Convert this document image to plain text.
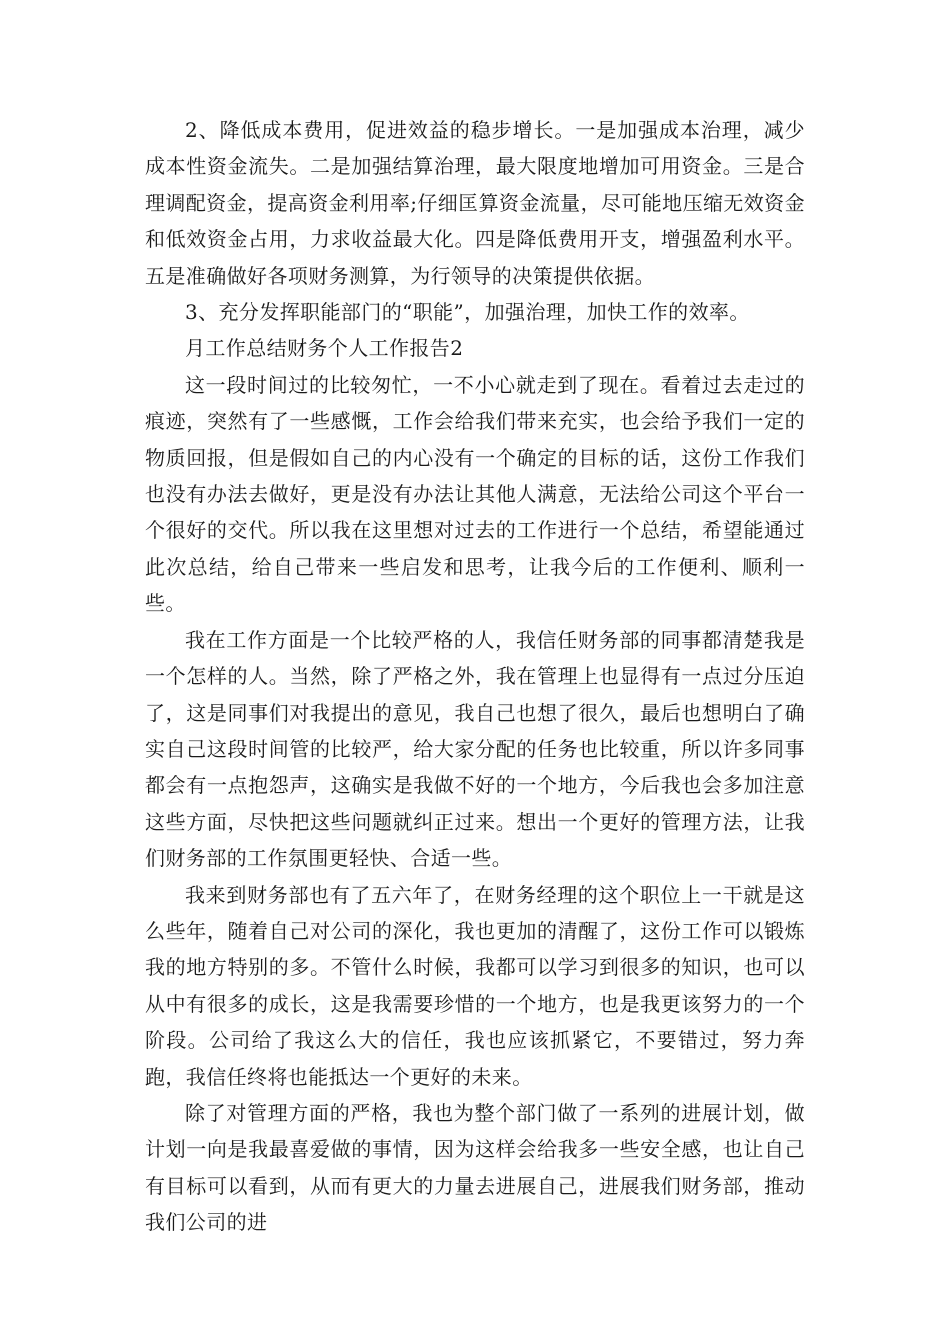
2、降低成本费用，促进效益的稳步增长。一是加强成本治理，减少成本性资金流失。二是加强结算治理，最大限度地增加可用资金。三是合理调配资金，提高资金利用率;仔细匡算资金流量，尽可能地压缩无效资金和低效资金占用，力求收益最大化。四是降低费用开支，增强盈利水平。五是准确做好各项财务测算，为行领导的决策提供依据。

3、充分发挥职能部门的“职能”，加强治理，加快工作的效率。

月工作总结财务个人工作报告2

这一段时间过的比较匆忙，一不小心就走到了现在。看着过去走过的痕迹，突然有了一些感慨，工作会给我们带来充实，也会给予我们一定的物质回报，但是假如自己的内心没有一个确定的目标的话，这份工作我们也没有办法去做好，更是没有办法让其他人满意，无法给公司这个平台一个很好的交代。所以我在这里想对过去的工作进行一个总结，希望能通过此次总结，给自己带来一些启发和思考，让我今后的工作便利、顺利一些。

我在工作方面是一个比较严格的人，我信任财务部的同事都清楚我是一个怎样的人。当然，除了严格之外，我在管理上也显得有一点过分压迫了，这是同事们对我提出的意见，我自己也想了很久，最后也想明白了确实自己这段时间管的比较严，给大家分配的任务也比较重，所以许多同事都会有一点抱怨声，这确实是我做不好的一个地方，今后我也会多加注意这些方面，尽快把这些问题就纠正过来。想出一个更好的管理方法，让我们财务部的工作氛围更轻快、合适一些。

我来到财务部也有了五六年了，在财务经理的这个职位上一干就是这么些年，随着自己对公司的深化，我也更加的清醒了，这份工作可以锻炼我的地方特别的多。不管什么时候，我都可以学习到很多的知识，也可以从中有很多的成长，这是我需要珍惜的一个地方，也是我更该努力的一个阶段。公司给了我这么大的信任，我也应该抓紧它，不要错过，努力奔跑，我信任终将也能抵达一个更好的未来。

除了对管理方面的严格，我也为整个部门做了一系列的进展计划，做计划一向是我最喜爱做的事情，因为这样会给我多一些安全感，也让自己有目标可以看到，从而有更大的力量去进展自己，进展我们财务部，推动我们公司的进
